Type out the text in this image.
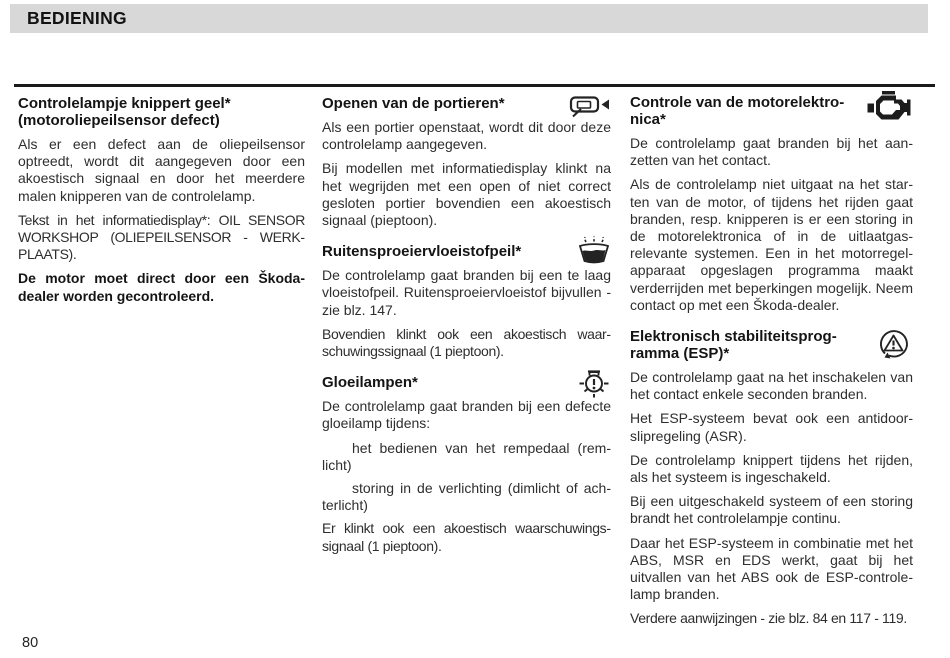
BEDIENING
Controlelampje knippert geel*
(motoroliepeilsensor defect)

Als er een defect aan de oliepeilsensor optreedt, wordt dit aangegeven door een akoestisch signaal en door het meerdere malen knipperen van de controlelamp.

Tekst in het informatiedisplay*: OIL SENSOR WORKSHOP (OLIEPEILSENSOR - WERKPLAATS).

De motor moet direct door een Škoda-dealer worden gecontroleerd.

Openen van de portieren*

Als een portier openstaat, wordt dit door deze controlelamp aangegeven.

Bij modellen met informatiedisplay klinkt na het wegrijden met een open of niet correct gesloten portier bovendien een akoestisch signaal (pieptoon).

Ruitensproeiervloeistofpeil*

De controlelamp gaat branden bij een te laag vloeistofpeil. Ruitensproeiervloeistof bijvullen - zie blz. 147.

Bovendien klinkt ook een akoestisch waarschuwingssignaal (1 pieptoon).

Gloeilampen*

De controlelamp gaat branden bij een defecte gloeilamp tijdens:

het bedienen van het rempedaal (remlicht)

storing in de verlichting (dimlicht of achterlicht)

Er klinkt ook een akoestisch waarschuwingssignaal (1 pieptoon).

Controle van de motorelektro-
nica*

De controlelamp gaat branden bij het aanzetten van het contact.

Als de controlelamp niet uitgaat na het starten van de motor, of tijdens het rijden gaat branden, resp. knipperen is er een storing in de motorelektronica of in de uitlaatgasrelevante systemen. Een in het motorregelapparaat opgeslagen programma maakt verderrijden met beperkingen mogelijk. Neem contact op met een Škoda-dealer.

Elektronisch stabiliteitsprog-
ramma (ESP)*

De controlelamp gaat na het inschakelen van het contact enkele seconden branden.

Het ESP-systeem bevat ook een antidoorslipregeling (ASR).

De controlelamp knippert tijdens het rijden, als het systeem is ingeschakeld.

Bij een uitgeschakeld systeem of een storing brandt het controlelampje continu.

Daar het ESP-systeem in combinatie met het ABS, MSR en EDS werkt, gaat bij het uitvallen van het ABS ook de ESP-controlelamp branden.

Verdere aanwijzingen - zie blz. 84 en 117 - 119.

80
